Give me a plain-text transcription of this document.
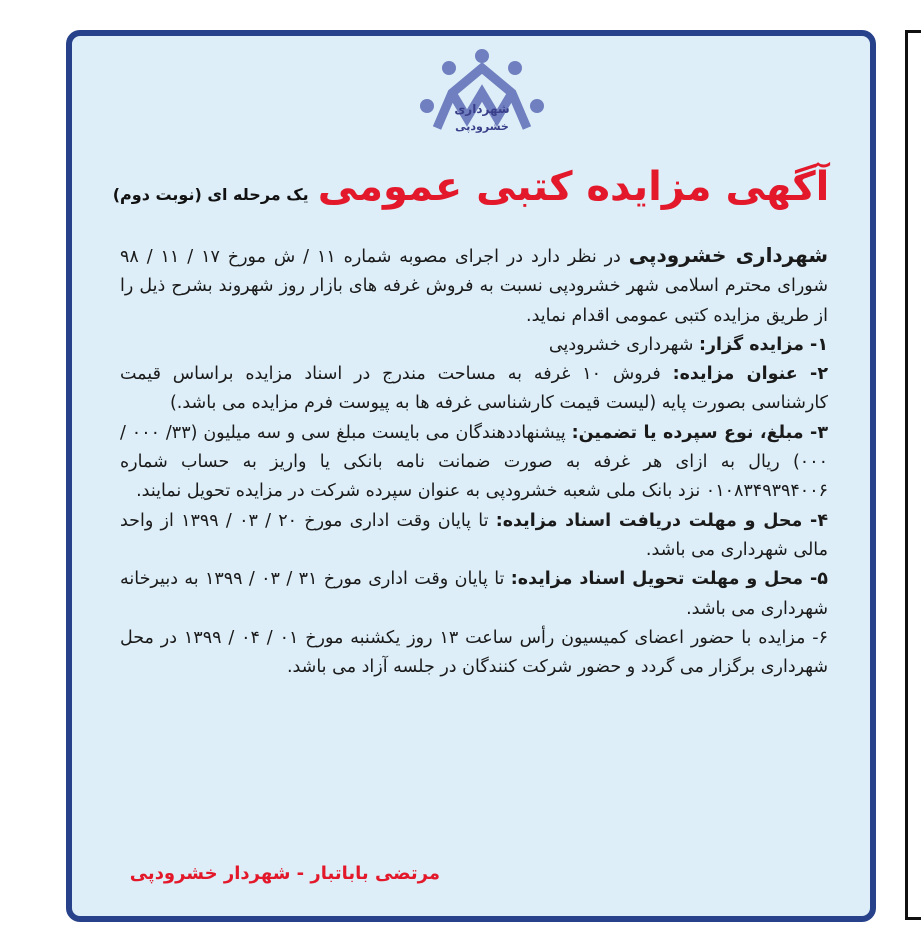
شهرداری
خشرودپی
آگهی مزایده کتبی عمومی یک مرحله ای (نوبت دوم)

شهرداری خشرودپی در نظر دارد در اجرای مصوبه شماره ۱۱ / ش مورخ ۱۷ / ۱۱ / ۹۸ شورای محترم اسلامی شهر خشرودپی نسبت به فروش غرفه های بازار روز شهروند بشرح ذیل را از طریق مزایده کتبی عمومی اقدام نماید.

۱- مزایده گزار: شهرداری خشرودپی

۲- عنوان مزایده: فروش ۱۰ غرفه به مساحت مندرج در اسناد مزایده براساس قیمت کارشناسی بصورت پایه (لیست قیمت کارشناسی غرفه ها به پیوست فرم مزایده می باشد.)

۳- مبلغ، نوع سپرده یا تضمین: پیشنهاددهندگان می بایست مبلغ سی و سه میلیون (۳۳/ ۰۰۰ / ۰۰۰) ریال به ازای هر غرفه به صورت ضمانت نامه بانکی یا واریز به حساب شماره ۰۱۰۸۳۴۹۳۹۴۰۰۶ نزد بانک ملی شعبه خشرودپی به عنوان سپرده شرکت در مزایده تحویل نمایند.

۴- محل و مهلت دریافت اسناد مزایده: تا پایان وقت اداری مورخ ۲۰ / ۰۳ / ۱۳۹۹ از واحد مالی شهرداری می باشد.

۵- محل و مهلت تحویل اسناد مزایده: تا پایان وقت اداری مورخ ۳۱ / ۰۳ / ۱۳۹۹ به دبیرخانه شهرداری می باشد.

۶- مزایده با حضور اعضای کمیسیون رأس ساعت ۱۳ روز یکشنبه مورخ ۰۱ / ۰۴ / ۱۳۹۹ در محل شهرداری برگزار می گردد و حضور شرکت کنندگان در جلسه آزاد می باشد.

مرتضی باباتبار - شهردار خشرودپی
